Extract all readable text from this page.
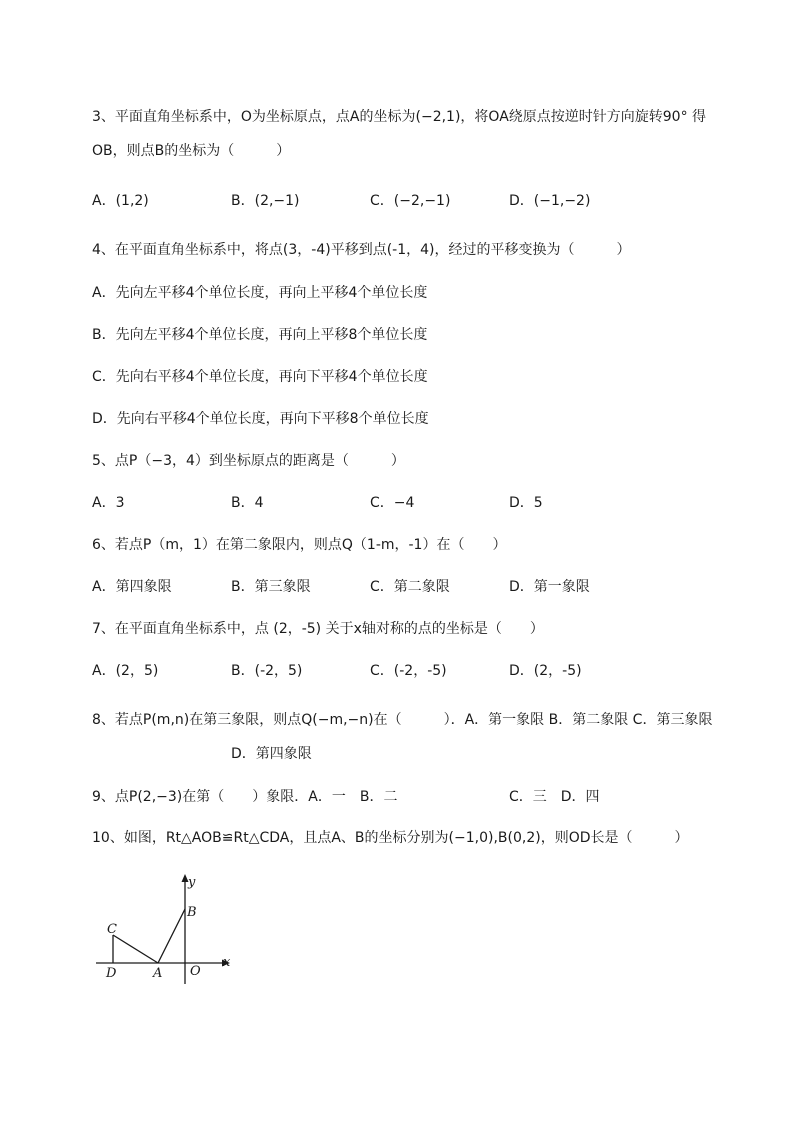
3、平面直角坐标系中，O为坐标原点，点A的坐标为(−2,1)，将OA绕原点按逆时针方向旋转90° 得
OB，则点B的坐标为（　　　）
A．(1,2)	B．(2,−1)	C．(−2,−1)	D．(−1,−2)
4、在平面直角坐标系中，将点(3，-4)平移到点(-1，4)，经过的平移变换为（　　　）
A．先向左平移4个单位长度，再向上平移4个单位长度
B．先向左平移4个单位长度，再向上平移8个单位长度
C．先向右平移4个单位长度，再向下平移4个单位长度
D．先向右平移4个单位长度，再向下平移8个单位长度
5、点P（−3，4）到坐标原点的距离是（　　　）
A．3	B．4	C．−4	D．5
6、若点P（m，1）在第二象限内，则点Q（1-m，-1）在（　　）
A．第四象限	B．第三象限	C．第二象限	D．第一象限
7、在平面直角坐标系中，点 (2，-5) 关于x轴对称的点的坐标是（　　）
A．(2，5)	B．(-2，5)	C．(-2，-5)	D．(2，-5)
8、若点P(m,n)在第三象限，则点Q(−m,−n)在（　　　）．A．第一象限 B．第二象限 C．第三象限
D．第四象限
9、点P(2,−3)在第（　　）象限．A．一　B．二	C．三　D．四
10、如图，Rt△AOB≌Rt△CDA，且点A、B的坐标分别为(−1,0),B(0,2)，则OD长是（　　　）
y
x
B
C
D	A O
